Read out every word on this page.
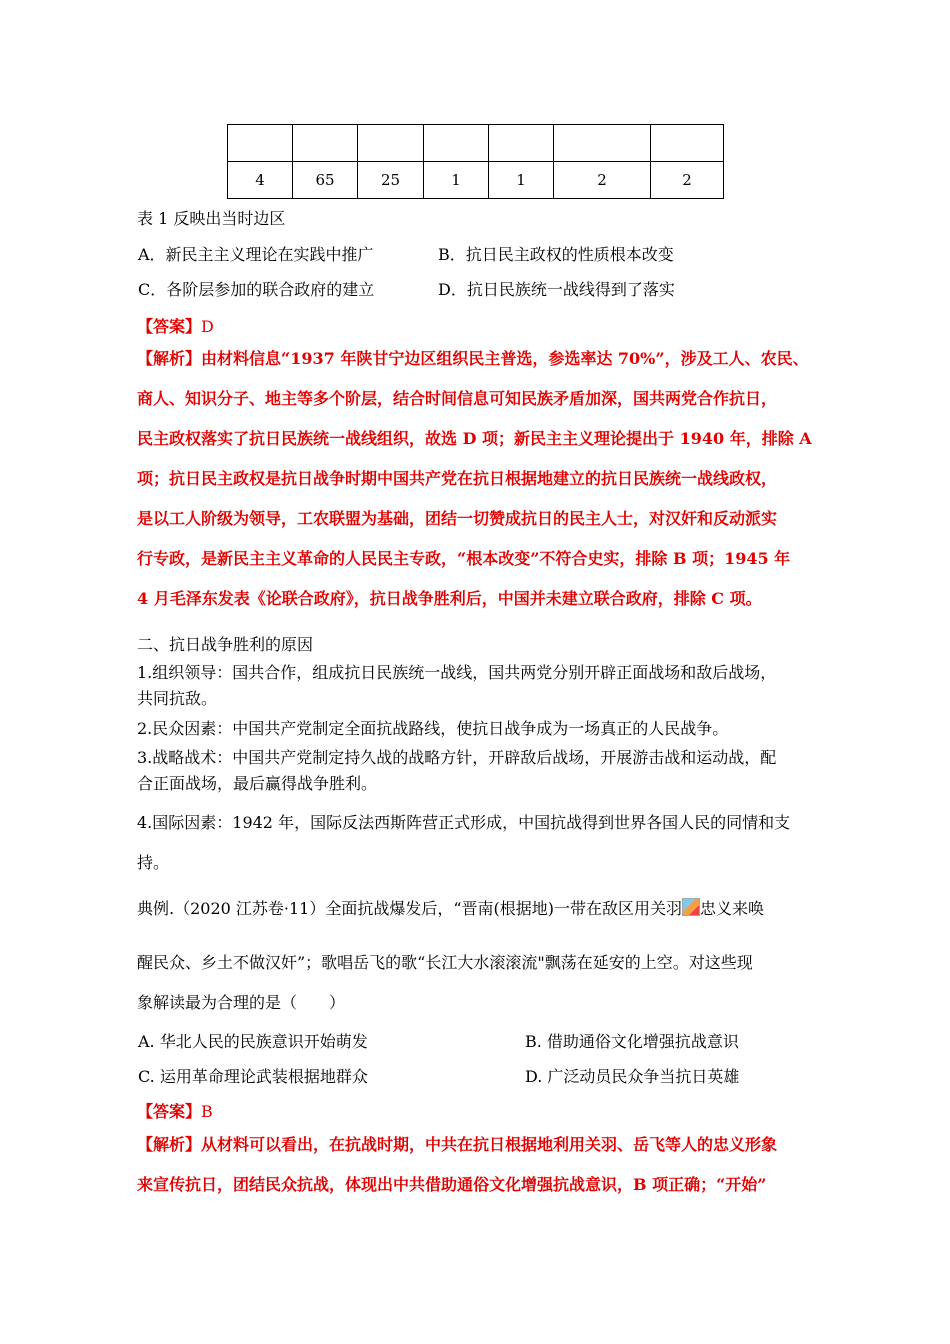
4	65	25	1	1	2	2
表 1 反映出当时边区
A．新民主主义理论在实践中推广	B．抗日民主政权的性质根本改变
C．各阶层参加的联合政府的建立	D．抗日民族统一战线得到了落实
【答案】D
【解析】由材料信息“1937 年陕甘宁边区组织民主普选，参选率达 70%”，涉及工人、农民、
商人、知识分子、地主等多个阶层，结合时间信息可知民族矛盾加深，国共两党合作抗日，
民主政权落实了抗日民族统一战线组织，故选 D 项；新民主主义理论提出于 1940 年，排除 A
项；抗日民主政权是抗日战争时期中国共产党在抗日根据地建立的抗日民族统一战线政权，
是以工人阶级为领导，工农联盟为基础，团结一切赞成抗日的民主人士，对汉奸和反动派实
行专政，是新民主主义革命的人民民主专政，“根本改变”不符合史实，排除 B 项；1945 年
4 月毛泽东发表《论联合政府》，抗日战争胜利后，中国并未建立联合政府，排除 C 项。
二、抗日战争胜利的原因
1.组织领导：国共合作，组成抗日民族统一战线，国共两党分别开辟正面战场和敌后战场，
共同抗敌。
2.民众因素：中国共产党制定全面抗战路线，使抗日战争成为一场真正的人民战争。
3.战略战术：中国共产党制定持久战的战略方针，开辟敌后战场，开展游击战和运动战，配
合正面战场，最后赢得战争胜利。
4.国际因素：1942 年，国际反法西斯阵营正式形成，中国抗战得到世界各国人民的同情和支
持。
典例.（2020 江苏卷·11）全面抗战爆发后，“晋南(根据地)一带在敌区用关羽 忠义来唤
醒民众、乡土不做汉奸”；歌唱岳飞的歌“长江大水滚滚流"飘荡在延安的上空。对这些现
象解读最为合理的是（　　）
A. 华北人民的民族意识开始萌发	B. 借助通俗文化增强抗战意识
C. 运用革命理论武装根据地群众	D. 广泛动员民众争当抗日英雄
【答案】B
【解析】从材料可以看出，在抗战时期，中共在抗日根据地利用关羽、岳飞等人的忠义形象
来宣传抗日，团结民众抗战，体现出中共借助通俗文化增强抗战意识，B 项正确；“开始”
